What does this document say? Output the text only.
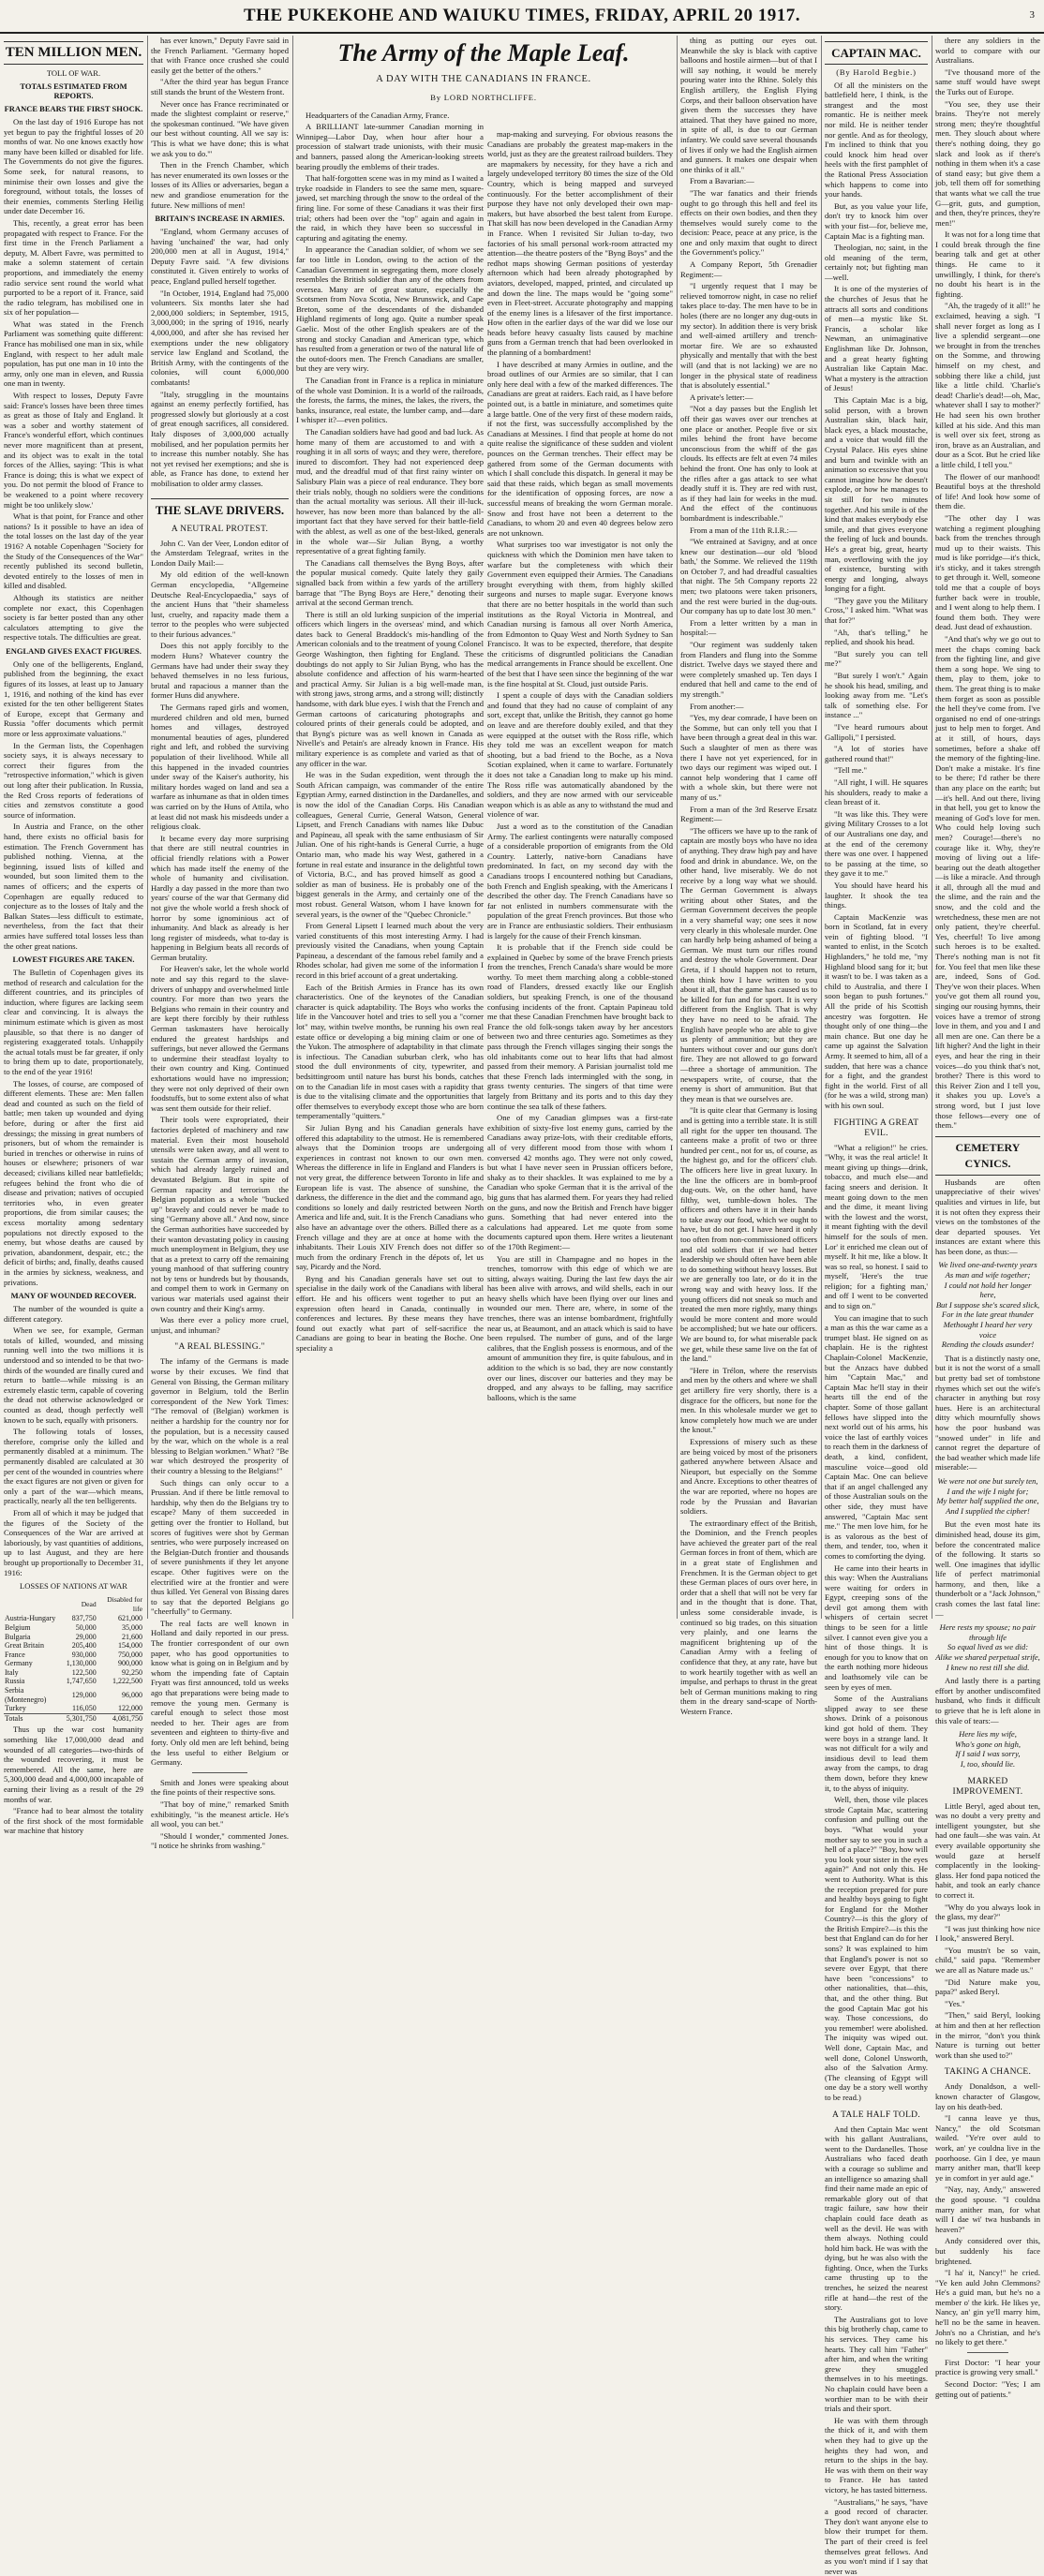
THE PUKEKOHE AND WAIUKU TIMES, FRIDAY, APRIL 20 1917.	3
TEN MILLION MEN.
TOLL OF WAR.
TOTALS ESTIMATED FROM REPORTS.
FRANCE BEARS THE FIRST SHOCK.

On the last day of 1916 Europe has not yet begun to pay the frightful losses of 20 months of war. No one knows exactly how many have been killed or disabled for life. The Governments do not give the figures. Some seek, for natural reasons, to minimise their own losses and give the foreground, without totals, the losses of their enemies, comments Sterling Heilig under date December 16.

This, recently, a great error has been propagated with respect to France. For the first time in the French Parliament a deputy, M. Albert Favre, was permitted to make a solemn statement of certain proportions, and immediately the enemy radio service sent round the world what purported to be a report of it. France, said the radio telegram, has mobilised one in six of her population—

What was stated in the French Parliament was something quite different: France has mobilised one man in six, while England, with respect to her adult male population, has put one man in 10 into the army, only one man in eleven, and Russia one man in twenty.

With respect to losses, Deputy Favre said: France's losses have been three times as great as those of Italy and England. It was a sober and worthy statement of France's wonderful effort, which continues never more magnificent than at present, and its object was to exalt in the total forces of the Allies, saying: 'This is what France is doing; this is what we expect of you. Do not permit the blood of France to be weakened to a point where recovery might be too unlikely slow.'

What is that point, for France and other nations? Is it possible to have an idea of the total losses on the last day of the year 1916? A notable Copenhagen "Society for the Study of the Consequences of the War" recently published its second bulletin, devoted entirely to the losses of men in killed and disabled.

Although its statistics are neither complete nor exact, this Copenhagen society is far better posted than any other calculators attempting to give the respective totals. The difficulties are great.

ENGLAND GIVES EXACT FIGURES.

Only one of the belligerents, England, published from the beginning, the exact figures of its losses, at least up to January 1, 1916, and nothing of the kind has ever existed for the ten other belligerent States of Europe, except that Germany and Russia "offer documents which permit more or less approximate valuations."

In the German lists, the Copenhagen society says, it is always necessary to correct their figures from the "retrospective information," which is given out long after their publication. In Russia, the Red Cross reports of federations of cities and zemstvos constitute a good source of information.

In Austria and France, on the other hand, there exists no official basis for estimation. The French Government has published nothing. Vienna, at the beginning, issued lists of killed and wounded, but soon limited them to the names of officers; and the experts of Copenhagen are equally reduced to conjecture as to the losses of Italy and the Balkan States—less difficult to estimate, nevertheless, from the fact that their armies have suffered total losses less than the other great nations.

LOWEST FIGURES ARE TAKEN.

The Bulletin of Copenhagen gives its method of research and calculation for the different countries, and its principles of induction, where figures are lacking seem clear and convincing. It is always the minimum estimate which is given as most plausible, so that there is no danger of registering exaggerated totals. Unhappily the actual totals must be far greater, if only to bring them up to date, proportionately, to the end of the year 1916!

The losses, of course, are composed of different elements. These are: Men fallen dead and counted as such on the field of battle; men taken up wounded and dying before, during or after the first aid dressings; the missing in great numbers of prisoners, but of whom the remainder is buried in trenches or otherwise in ruins of houses or elsewhere; prisoners of war deceased; civilians killed near battlefields; refugees behind the front who die of disease and privation; natives of occupied territories who, in even greater proportions, die from similar causes; the excess mortality among sedentary populations not directly exposed to the enemy, but whose deaths are caused by privation, abandonment, despair, etc.; the deficit of births; and, finally, deaths caused in the armies by sickness, weakness, and privations.

MANY OF WOUNDED RECOVER.

The number of the wounded is quite a different category.

When we see, for example, German totals of killed, wounded, and missing running well into the two millions it is understood and so intended to be that two-thirds of the wounded are finally cured and return to battle—while missing is an extremely elastic term, capable of covering the dead not otherwise acknowledged or counted as dead, though perfectly well known to be such, equally with prisoners.

The following totals of losses, therefore, comprise only the killed and permanently disabled at a minimum. The permanently disabled are calculated at 30 per cent of the wounded in countries where the exact figures are not given or given for only a part of the war—which means, practically, nearly all the ten belligerents.

From all of which it may be judged that the figures of the Society of the Consequences of the War are arrived at laboriously, by vast quantities of additions, up to last August, and they are here brought up proportionally to December 31, 1916:

LOSSES OF NATIONS AT WAR
	Dead	Disabled for life
Austria-Hungary	837,750	621,000
Belgium	50,000	35,000
Bulgaria	29,000	21,600
Great Britain	205,400	154,000
France	930,000	750,000
Germany	1,130,000	900,000
Italy	122,500	92,250
Russia	1,747,650	1,222,500
Serbia (Montenegro)	129,000	96,000
Turkey	116,050	122,000
Totals	5,301,750	4,081,750

Thus up the war cost humanity something like 17,000,000 dead and wounded of all categories—two-thirds of the wounded recovering, it must be remembered. All the same, here are 5,300,000 dead and 4,000,000 incapable of earning their living as a result of the 29 months of war.

"France had to bear almost the totality of the first shock of the most formidable war machine that history

has ever known," Deputy Favre said in the French Parliament. "Germany hoped that with France once crushed she could easily get the better of the others."

"After the third year has begun France still stands the brunt of the Western front.

Never once has France recriminated or made the slightest complaint or reserve," the spokesman continued. "We have given our best without counting. All we say is: 'This is what we have done; this is what we ask you to do.'"

Then in the French Chamber, which has never enumerated its own losses or the losses of its Allies or adversaries, began a new and grandiose enumeration for the future. New millions of men!

BRITAIN'S INCREASE IN ARMIES.

"England, whom Germany accuses of having 'unchained' the war, had only 200,000 men at all in August, 1914," Deputy Favre said. "A few divisions constituted it. Given entirely to works of peace, England pulled herself together.

"In October, 1914, England had 75,000 volunteers. Six months later she had 2,000,000 soldiers; in September, 1915, 3,000,000; in the spring of 1916, nearly 4,000,000, and after she has revised her exemptions under the new obligatory service law England and Scotland, the British Army, with the contingents of the colonies, will count 6,000,000 combatants!

"Italy, struggling in the mountains against an enemy perfectly fortified, has progressed slowly but gloriously at a cost of great enough sacrifices, all considered. Italy disposes of 3,000,000 actually mobilised, and her population permits her to increase this number notably. She has not yet revised her exemptions; and she is able, as France has done, to extend her mobilisation to older army classes.

THE SLAVE DRIVERS.
A NEUTRAL PROTEST.

John C. Van der Veer, London editor of the Amsterdam Telegraaf, writes in the London Daily Mail:—

My old edition of the well-known German encyclopedia, "Allgemeine Deutsche Real-Encyclopaedia," says of the ancient Huns that "their shameless lust, cruelty, and rapacity made them a terror to the peoples who were subjected to their furious advances."

Does this not apply forcibly to the modern Huns? Whatever country the Germans have had under their sway they behaved themselves in no less furious, brutal and rapacious a manner than the former Huns did anywhere.

The Germans raped girls and women, murdered children and old men, burned homes and villages, destroyed monumental beauties of ages, plundered right and left, and robbed the surviving population of their livelihood. While all this happened in the invaded countries under sway of the Kaiser's authority, his military hordes waged on land and sea a warfare as inhumane as that in olden times was carried on by the Huns of Attila, who at least did not mask his misdeeds under a religious cloak.

It became every day more surprising that there are still neutral countries in official friendly relations with a Power which has made itself the enemy of the whole of humanity and civilisation. Hardly a day passed in the more than two years' course of the war that Germany did not give the whole world a fresh shock of horror by some ignominious act of inhumanity. And black as already is her long register of misdeeds, what to-day is happening in Belgium beats all records of German brutality.

For Heaven's sake, let the whole world note and say this regard to the slave-drivers of unhappy and overwhelmed little country. For more than two years the Belgians who remain in their country and are kept there forcibly by their ruthless German taskmasters have heroically endured the greatest hardships and sufferings, but never allowed the Germans to undermine their steadfast loyalty to their own country and King. Continued exhortations would have no impression; they were not only deprived of their own foodstuffs, but to some extent also of what was sent them outside for their relief.

Their tools were expropriated, their factories depleted of machinery and raw material. Even their most household utensils were taken away, and all went to sustain the German army of invasion, which had already largely ruined and devastated Belgium. But in spite of German rapacity and terrorism the Belgian population as a whole "bucked up" bravely and could never be made to sing "Germany above all." And now, since the German authorities have succeeded by their wanton devastating policy in causing much unemployment in Belgium, they use that as a pretext to carry off the remaining young manhood of that suffering country not by tens or hundreds but by thousands, and compel them to work in Germany on various war materials used against their own country and their King's army.

Was there ever a policy more cruel, unjust, and inhuman?

"A REAL BLESSING."

The infamy of the Germans is made worse by their excuses. We find that General von Bissing, the German military governor in Belgium, told the Berlin correspondent of the New York Times: "The removal of (Belgian) workmen is neither a hardship for the country nor for the population, but is a necessity caused by the war, which on the whole is a real blessing to Belgian workmen." What? "Be war which destroyed the prosperity of their country a blessing to the Belgians!"

Such things can only occur to a Prussian. And if there be little removal to hardship, why then do the Belgians try to escape? Many of them succeeded in getting over the frontier to Holland, but scores of fugitives were shot by German sentries, who were purposely increased on the Belgian-Dutch frontier and thousands of severe punishments if they let anyone escape. Other fugitives were on the electrified wire at the frontier and were thus killed. Yet General von Bissing dares to say that the deported Belgians go "cheerfully" to Germany.

The real facts are well known in Holland and daily reported in our press. The frontier correspondent of our own paper, who has good opportunities to know what is going on in Belgium and by whom the impending fate of Captain Fryatt was first announced, told us weeks ago that preparations were being made to remove the young men. Germany is careful enough to select those most needed to her. Their ages are from seventeen and eighteen to thirty-five and forty. Only old men are left behind, being the less useful to either Belgium or Germany.

Smith and Jones were speaking about the fine points of their respective sons.

"That boy of mine," remarked Smith exhibitingly, "is the meanest article. He's all wool, you can bet."

"Should I wonder," commented Jones. "I notice he shrinks from washing."

The Army of the Maple Leaf.
A DAY WITH THE CANADIANS IN FRANCE.
By LORD NORTHCLIFFE.

Headquarters of the Canadian Army, France.

A BRILLIANT late-summer Canadian morning in Winnipeg—Labor Day, when hour after hour a procession of stalwart trade unionists, with their music and banners, passed along the American-looking streets bearing proudly the emblems of their trades.

That half-forgotten scene was in my mind as I waited a tryke roadside in Flanders to see the same men, square-jawed, set marching through the snow to the ordeal of the firing line. For some of these Canadians it was their first trial; others had been over the "top" again and again in the raid, in which they have been so successful in capturing and agitating the enemy.

In appearance the Canadian soldier, of whom we see far too little in London, owing to the action of the Canadian Government in segregating them, more closely resembles the British soldier than any of the others from oversea. Many are of great stature, especially the Scotsmen from Nova Scotia, New Brunswick, and Cape Breton, some of the descendants of the disbanded Highland regiments of long ago. Quite a number speak Gaelic. Most of the other English speakers are of the strong and stocky Canadian and American type, which has resulted from a generation or two of the natural life of the outof-doors men. The French Canadians are smaller, but they are very wiry.

The Canadian front in France is a replica in miniature of the whole vast Dominion. It is a world of the railroads, the forests, the farms, the mines, the lakes, the rivers, the banks, insurance, real estate, the lumber camp, and—dare I whisper it?—even politics.

The Canadian soldiers have had good and bad luck. As home many of them are accustomed to and with a roughing it in all sorts of ways; and they were, therefore, inured to discomfort. They had not experienced deep mud, and the dreadful mud of that first rainy winter on Salisbury Plain was a piece of real endurance. They bore their trials nobly, though no soldiers were the conditions than the actual mortality was serious. All their ill-luck, however, has now been more than balanced by the all-important fact that they have served for their battle-field with the ablest, as well as one of the best-liked, generals in the whole war—Sir Julian Byng, a worthy representative of a great fighting family.

The Canadians call themselves the Byng Boys, after the popular musical comedy. Quite lately they gaily signalled back from within a few yards of the artillery barrage that "The Byng Boys are Here," denoting their arrival at the second German trench.

There is still an old lurking suspicion of the imperial officers which lingers in the overseas' mind, and which dates back to General Braddock's mis-handling of the American colonials and to the treatment of young Colonel George Washington, then fighting for England. These doubtings do not apply to Sir Julian Byng, who has the absolute confidence and affection of his warm-hearted and practical Army. Sir Julian is a big well-made man, with strong jaws, strong arms, and a strong will; distinctly handsome, with dark blue eyes. I wish that the French and German cartoons of caricaturing photographs and coloured prints of their generals could be adopted, and that Byng's picture was as well known in Canada as Nivelle's and Petain's are already known in France. His military experience is as complete and varied as that of any officer in the war.

He was in the Sudan expedition, went through the South African campaign, was commander of the entire Egyptian Army, earned distinction in the Dardanelles, and is now the idol of the Canadian Corps. His Canadian colleagues, General Currie, General Watson, General Lipsett, and French Canadians with names like Dubuc and Papineau, all speak with the same enthusiasm of Sir Julian. One of his right-hands is General Currie, a huge Ontario man, who made his way West, gathered in a fortune in real estate and insurance in the delightful town of Victoria, B.C., and has proved himself as good a soldier as man of business. He is probably one of the biggest generals in the Army, and certainly one of the most robust. General Watson, whom I have known for several years, is the owner of the "Quebec Chronicle."

From General Lipsett I learned much about the very varied constituents of this most interesting Army. I had previously visited the Canadians, when young Captain Papineau, a descendant of the famous rebel family and a Rhodes scholar, had given me some of the information I record in this brief account of a great undertaking.

Each of the British Armies in France has its own characteristics. One of the keynotes of the Canadian character is quick adaptability. The Boys who works the life in the Vancouver hotel and tries to sell you a "corner lot" may, within twelve months, be running his own real estate office or developing a big mining claim or one of the Yukon. The atmosphere of adaptability in that climate is infectious. The Canadian suburban clerk, who has stood the dull environments of city, typewriter, and bedsittingroom until nature has burst his bonds, catches on to the Canadian life in most cases with a rapidity that is due to the vitalising climate and the opportunities that offer themselves to everybody except those who are born temperamentally "quitters."

Sir Julian Byng and his Canadian generals have offered this adaptability to the utmost. He is remembered always that the Dominion troops are undergoing experiences in contrast not known to our own men. Whereas the difference in life in England and Flanders is not very great, the difference between Toronto in life and European life is vast. The absence of sunshine, the darkness, the difference in the diet and the command ago, conditions so lonely and daily restricted between North America and life and, suit. It is the French Canadians who also have an advantage over the others. Billed there as a French village and they are at once at home with the inhabitants. Their Louis XIV French does not differ so much from the ordinary French in the dépots of, let us say, Picardy and the Nord.

Byng and his Canadian generals have set out to specialise in the daily work of the Canadians with liberal effort. He and his officers went together to put an expression often heard in Canada, continually in conferences and lectures. By these means they have found out exactly what part of self-sacrifice the Canadians are going to bear in beating the Boche. One speciality a

map-making and surveying. For obvious reasons the Canadians are probably the greatest map-makers in the world, just as they are the greatest railroad builders. They are mapmakers by necessity, for they have a rich and largely undeveloped territory 80 times the size of the Old Country, which is being mapped and surveyed continuously. For the better accomplishment of their purpose they have not only developed their own map-makers, but have absorbed the best talent from Europe. That skill has now been developed in the Canadian Army in France. When I revisited Sir Julian to-day, two factories of his small personal work-room attracted my attention—the theatre posters of the "Byng Boys" and the redhot maps showing German positions of yesterday afternoon which had been already photographed by aviators, developed, mapped, printed, and circulated up and down the line. The maps would be "going some" even in Fleet-street. Accurate photography and mapping of the enemy lines is a lifesaver of the first importance. How often in the earlier days of the war did we lose our heads before heavy casualty lists caused by machine guns from a German trench that had been overlooked in the planning of a bombardment!

I have described at many Armies in outline, and the broad outlines of our Armies are so similar, that I can only here deal with a few of the marked differences. The Canadians are great at raiders. Each raid, as I have before pointed out, is a battle in miniature, and sometimes quite a large battle. One of the very first of these modern raids, if not the first, was successfully accomplished by the Canadians at Messines. I find that people at home do not quite realise the significance of these sudden and violent pounces on the German trenches. Their effect may be gathered from some of the German documents with which I shall conclude this dispatch. In general it may be said that these raids, which began as small movements for the identification of opposing forces, are now a successful means of breaking the worn German morale. Snow and frost have not been a deterrent to the Canadians, to whom 20 and even 40 degrees below zero are not unknown.

What surprises too war investigator is not only the quickness with which the Dominion men have taken to warfare but the completeness with which their Government even equipped their Armies. The Canadians brought everything with them, from highly skilled surgeons and nurses to maple sugar. Everyone knows that there are no better hospitals in the world than such institutions as the Royal Victoria in Montreal, and Canadian nursing is famous all over North America, from Edmonton to Quay West and North Sydney to San Francisco. It was to be expected, therefore, that despite the criticisms of disgruntled politicians the Canadian medical arrangements in France should be excellent. One of the best that I have seen since the beginning of the war is the fine hospital at St. Cloud, just outside Paris.

I spent a couple of days with the Canadian soldiers and found that they had no cause of complaint of any sort, except that, unlike the British, they cannot go home on leave and are therefore doubly exiled, and that they were equipped at the outset with the Ross rifle, which they told me was an excellent weapon for match shooting, but a bad friend to the Boche, as a Nova Scotian explained, when it came to warfare. Fortunately it does not take a Canadian long to make up his mind. The Ross rifle was automatically abandoned by the soldiers, and they are now armed with our serviceable weapon which is as able as any to withstand the mud and violence of war.

Just a word as to the constitution of the Canadian Army. The earliest contingents were naturally composed of a considerable proportion of emigrants from the Old Country. Latterly, native-born Canadians have predominated. In fact, on my second day with the Canadians troops I encountered nothing but Canadians, both French and English speaking, with the Americans I described the other day. The French Canadians have so far not enlisted in numbers commensurate with the population of the great French provinces. But those who are in France are enthusiastic soldiers. Their enthusiasm is largely for the cause of their French kinsman.

It is probable that if the French side could be explained in Quebec by some of the brave French priests from the trenches, French Canada's share would be more worthy. To meet them marching along a cobble-stoned road of Flanders, dressed exactly like our English soldiers, but speaking French, is one of the thousand confusing incidents of the front. Captain Papineau told me that these Canadian Frenchmen have brought back to France the old folk-songs taken away by her ancestors between two and three centuries ago. Sometimes as they pass through the French villages singing their songs the old inhabitants come out to hear lifts that had almost passed from their memory. A Parisian journalist told me that these French lads intermingled with the song, in grass twenty centuries. The singers of that time were largely from Brittany and its ports and to this day they continue the sea talk of these fathers.

One of my Canadian glimpses was a first-rate exhibition of sixty-five lost enemy guns, carried by the Canadians away prize-lots, with their creditable efforts, all of very different mood from those with whom I conversed 42 months ago. They were not only cowed, but what I have never seen in Prussian officers before, shaky as to their shackles. It was explained to me by a Canadian who spoke German that it is the arrival of the big guns that has alarmed them. For years they had relied on the guns, and now the British and French have bigger guns. Something that had never entered into the calculations had appeared. Let me quote from some documents captured upon them. Here writes a lieutenant of the 170th Regiment:—

You are still in Champagne and no hopes in the trenches, tomorrow with this edge of which we are sitting, always waiting. During the last few days the air has been alive with arrows, and wild shells, each in our heavy shells which have been flying over our lines and wounded our men. There are, where, in some of the trenches, there was an intense bombardment, frightfully near us, at Beaumont, and an attack which is said to have been repulsed. The number of guns, and of the large calibres, that the English possess is enormous, and of the amount of ammunition they fire, is quite fabulous, and in addition to the which is so bad, they are now constantly over our lines, discover our batteries and they may be dropped, and any always to be falling, may sacrifice balloons, which is the same

thing as putting our eyes out. Meanwhile the sky is black with captive balloons and hostile airmen—but of that I will say nothing, it would be merely pouring water into the Rhine. Solely this English artillery, the English Flying Corps, and their balloon observation have given them the successes they have attained. That they have gained no more, in spite of all, is due to our German infantry. We could save several thousands of lives if only we had the English airmen and gunners. It makes one despair when one thinks of it all."

From a Bavarian:—

"The war fanatics and their friends ought to go through this hell and feel its effects on their own bodies, and then they themselves would surely come to the decision: Peace, peace at any price, is the one and only maxim that ought to direct the Government's policy."

A Company Report, 5th Grenadier Regiment:—

"I urgently request that I may be relieved tomorrow night, in case no relief takes place to-day. The men have to be in holes (there are no longer any dug-outs in my sector). In addition there is very brisk and well-aimed artillery and trench-mortar fire. We are so exhausted physically and mentally that with the best will (and that is not lacking) we are no longer in the physical state of readiness that is absolutely essential."

A private's letter:—

"Not a day passes but the English let off their gas waves over our trenches at one place or another. People five or six miles behind the front have become unconscious from the whiff of the gas clouds. Its effects are felt at even 74 miles behind the front. One has only to look at the rifles after a gas attack to see what deadly stuff it is. They are red with rust, as if they had lain for weeks in the mud. And the effect of the continuous bombardment is indescribable."

From a man of the 11th R.I.R.:—

"We entrained at Savigny, and at once knew our destination—our old 'blood bath,' the Somme. We relieved the 119th on October 7, and had dreadful casualties that night. The 5th Company reports 22 men; two platoons were taken prisoners, and the rest were buried in the dug-outs. Our company has up to date lost 30 men."

From a letter written by a man in hospital:—

"Our regiment was suddenly taken from Flanders and flung into the Somme district. Twelve days we stayed there and were completely smashed up. Ten days I endured that hell and came to the end of my strength."

From another:—

"Yes, my dear comrade, I have been on the Somme, but can only tell you that I have been through a great deal in this war. Such a slaughter of men as there was there I have not yet experienced, for in two days our regiment was wiped out. I cannot help wondering that I came off with a whole skin, but there were not many of us."

From a man of the 3rd Reserve Ersatz Regiment:—

"The officers we have up to the rank of captain are mostly boys who have no idea of anything. They draw high pay and have food and drink in abundance. We, on the other hand, live miserably. We do not receive by a long way what we should. The German Government is always writing about other States, and the German Government deceives the people in a very shameful way; one sees it now very clearly in this wholesale murder. One can hardly help being ashamed of being a German. We must turn our rifles round and destroy the whole Government. Dear Greta, if I should happen not to return, then think how I have written to you about it all, that the game has caused us to be killed for fun and for sport. It is very different from the English. That is why they have no need to be afraid. The English have people who are able to give us plenty of ammunition; but they are hunters without cover and our guns don't fire. They are not allowed to go forward—three a shortage of ammunition. The newspapers write, of course, that the enemy is short of ammunition. But that they mean is that we ourselves are.

"It is quite clear that Germany is losing and is getting into a terrible state. It is still all right for the upper ten thousand. The canteens make a profit of two or three hundred per cent., not for us, of course, as the highest go, and for the officers' club. The officers here live in great luxury. In the line the officers are in bomb-proof dug-outs. We, on the other hand, have filthy, wet, tumble-down holes. The officers and others have it in their hands to take away our food, which we ought to have, but do not get. I have heard it only too often from non-commissioned officers and old soldiers that if we had better leadership we should often have been able to do something without heavy losses. But we are generally too late, or do it in the wrong way and with heavy loss. If the young officers did not sneak so much and treated the men more rightly, many things would be more content and more would be accomplished; but we hate our officers. We are bound to, for what miserable pack we get, while these same live on the fat of the land."

"Here in Trélon, where the reservists and men by the others and where we shall get artillery fire very shortly, there is a disgrace for the officers, but none for the men. In this wholesale murder we get to know completely how much we are under the knout."

Expressions of misery such as these are being voiced by most of the prisoners gathered anywhere between Alsace and Nieuport, but especially on the Somme and Ancre. Exceptions to other theatres of the war are reported, where no hopes are rode by the Prussian and Bavarian soldiers.

The extraordinary effect of the British, the Dominion, and the French peoples have achieved the greater part of the real German forces in front of them, which are in a great state of Englishmen and Frenchmen. It is the German object to get these German places of ours over here, in order that a shell that will not be very far and in the thought that is done. That, unless some considerable invade, is continued so big trades, on this situation very plainly, and one learns the magnificent brightening up of the Canadian Army with a feeling of confidence that they, at any rate, have but to work heartily together with as well an impulse, and perhaps to thrust in the great belt of German munitions making to ring them in the dreary sand-scape of North-Western France.

CAPTAIN MAC.
(By Harold Begbie.)

Of all the ministers on the battlefield here, I think, is the strangest and the most romantic. He is neither meek nor mild. He is neither tender nor gentle. And as for theology, I'm inclined to think that you could knock him head over heels with the first pamphlet of the Rational Press Association which happens to come into your hands.

But, as you value your life, don't try to knock him over with your fist—for, believe me, Captain Mac is a fighting man.

Theologian, no; saint, in the old meaning of the term, certainly not; but fighting man—well.

It is one of the mysteries of the churches of Jesus that he attracts all sorts and conditions of men—a mystic like St. Francis, a scholar like Newman, an unimaginative Englishman like Dr. Johnson, and a great hearty fighting Australian like Captain Mac. What a mystery is the attraction of Jesus!

This Captain Mac is a big, solid person, with a brown Australian skin, black hair, black eyes, a black moustache, and a voice that would fill the Crystal Palace. His eyes shine and burn and twinkle with an animation so excessive that you cannot imagine how he doesn't explode, or how he manages to sit still for two minutes together. And his smile is of the kind that makes everybody else smile, and that gives everyone the feeling of luck and bounds. He's a great big, great, hearty man, overflowing with the joy of existence, bursting with energy and longing, always longing for a fight.

"They gave you the Military Cross," I asked him. "What was that for?"

"Ah, that's telling," he replied, and shook his head.

"But surely you can tell me?"

"But surely I won't." Again he shook his head, smiling, and looking away from me. "Let's talk of something else. For instance ..."

"I've heard rumours about Gallipoli," I persisted.

"A lot of stories have gathered round that!"

"Tell me."

"All right, I will. He squares his shoulders, ready to make a clean breast of it.

"It was like this. They were giving Military Crosses to a lot of our Australians one day, and at the end of the ceremony there was one over. I happened to be passing at the time, so they gave it to me."

You should have heard his laughter. It shook the tea things.

Captain MacKenzie was born in Scotland, fat in every vein of fighting blood. "I wanted to enlist, in the Scotch Highlanders," he told me, "my Highland blood sang for it; but it wasn't to be. I was taken as a child to Australia, and there I soon began to push fortunes." All the pride of his Scottish ancestry was forgotten. He thought only of one thing—the main chance. But one day he came up against the Salvation Army. It seemed to him, all of a sudden, that here was a chance for a fight, and the grandest fight in the world. First of all (for he was a wild, strong man) with his own soul.

FIGHTING A GREAT EVIL.

"What a religion!" he cries. "Why, it was the real article! It meant giving up things—drink, tobacco, and much else—and facing sneers and derision. It meant going down to the men and the dime, it meant living with the lowest and the worst, it meant fighting with the devil himself for the souls of men. Lor' it enriched me clean out of myself. It hit me, like a blow. It was so real, so honest. I said to myself, 'Here's the true religion; for a fighting man,' and off I went to be converted and to sign on."

You can imagine that to such a man as this the war came as a trumpet blast. He signed on as chaplain. He is the rightest Chaplain-Colonel MacKenzie, but the Anzacs have dubbed him "Captain Mac," and Captain Mac he'll stay in their hearts till the end of the chapter. Some of those gallant fellows have slipped into the next world out of his arms, his voice the last of earthly voices to reach them in the darkness of death, a kind, confident, masculine voice—good old Captain Mac. One can believe that if an angel challenged any of those Australian souls on the other side, they must have answered, "Captain Mac sent me." The men love him, for he is as valorous as the best of them, and tender, too, when it comes to comforting the dying.

He came into their hearts in this way: When the Australians were waiting for orders in Egypt, creeping sons of the devil got among them with whispers of certain secret things to be seen for a little silver. I cannot even give you a hint of those things. It is enough for you to know that on the earth nothing more hideous and loathsomely vile can be seen by eyes of men.

Some of the Australians slipped away to see these shows. Drink of a poisonous kind got hold of them. They were boys in a strange land. It was not difficult for a wily and insidious devil to lead them away from the camps, to drag them down, before they knew it, to the abyss of iniquity.

Well, then, those vile places strode Captain Mac, scattering confusion and pulling out the boys. "What would your mother say to see you in such a hell of a place?" "Boy, how will you look your sister in the eyes again?" And not only this. He went to Authority. What is this the reception prepared for pure and healthy boys going to fight for England for the Mother Country?—is this the glory of the British Empire?—is this the best that England can do for her sons? It was explained to him that England's power is not so severe over Egypt, that there have been "concessions" to other nationalities, that—this, that, and the other thing. But the good Captain Mac got his way. Those concessions, do you remember! were abolished. The iniquity was wiped out. Well done, Captain Mac, and well done, Colonel Unsworth, also of the Salvation Army. (The cleansing of Egypt will one day be a story well worthy to be read.)

A TALE HALF TOLD.

And then Captain Mac went with his gallant Australians, went to the Dardanelles. Those Australians who faced death with a courage so sublime and an intelligence so amazing shall find their name made an epic of remarkable glory out of that tragic failure, saw how their chaplain could face death as well as the devil. He was with them always. Nothing could hold him back. He was with the dying, but he was also with the fighting. Once, when the Turks came thrusting up to the trenches, he seized the nearest rifle at hand—the rest of the story.

The Australians got to love this big brotherly chap, came to his services. They came his hearts. They call him "Father" after him, and when the writing grew they smuggled themselves in to his meetings. No chaplain could have been a worthier man to be with their trials and their sport.

He was with them through the thick of it, and with them when they had to give up the heights they had won, and return to the ships in the bay. He was with them on their way to France. He has tasted victory, he has tasted bitterness.

"Australians," he says, "have a good record of character. They don't want anyone else to blow their trumpet for them. The part of their creed is feel themselves great fellows. And as you won't mind if I say that never was

there any soldiers in the world to compare with our Australians.

"I've thousand more of the same stuff would have swept the Turks out of Europe.

"You see, they use their brains. They're not merely strong men; they're thoughtful men. They slouch about where there's nothing doing, they go slack and look as if there's nothing in them when it's a case of stand easy; but give them a job, tell them off for something that wants what we call the true G—grit, guts, and gumption, and then, they're princes, they're men!"

It was not for a long time that I could break through the fine bearing talk and get at other things. He came to it unwillingly, I think, for there's no doubt his heart is in the fighting.

"Ah, the tragedy of it all!" he exclaimed, heaving a sigh. "I shall never forget as long as I live a splendid sergeant—one we brought in from the trenches on the Somme, and throwing himself on my chest, and sobbing there like a child, just like a little child. 'Charlie's dead! Charlie's dead!—oh, Mac, whatever shall I say to mother?' He had seen his own brother killed at his side. And this man is well over six feet, strong as iron, brave as an Australian, and dour as a Scot. But he cried like a little child, I tell you."

The flower of our manhood! Beautiful boys at the threshold of life! And look how some of them die.

"The other day I was watching a regiment ploughing back from the trenches through mud up to their waists. This mud is like porridge—it's thick, it's sticky, and it takes strength to get through it. Well, someone told me that a couple of boys further back were in trouble, and I went along to help them. I found them both. They were dead. Just dead of exhaustion.

"And that's why we go out to meet the chaps coming back from the fighting line, and give them a song hope. We sing to them, play to them, joke to them. The great thing is to make them forget as soon as possible the hell they've come from. I've organised no end of one-strings just to help men to forget. And at it still, of hours, days sometimes, before a shake off the memory of the fighting-line. Don't make a mistake. It's fine to be there; I'd rather be there than any place on the earth; but—it's hell. And out there, living in that hell, you get to know the meaning of God's love for men. Who could help loving such men? Courage!—there's no courage like it. Why, they're moving of living out a life-bearing out the death altogether—is like a miracle. And through it all, through all the mud and the slime, and the rain and the snow, and the cold and the wretchedness, these men are not only patient, they're cheerful. Yes, cheerful! To live among such heroes is to be exalted. There's nothing man is not fit for. You feel that men like these are, indeed, Sons of God. They've won their places. When you've got them all round you, singing our rousing hymns, their voices have a tremor of strong love in them, and you and I and all men are one. Can there be a lift higher? And the light in their eyes, and hear the ring in their voices—do you think that's not, brother? There is this word to this Reiver Zion and I tell you, it shakes you up. Love's a strong word, but I just love those fellows—every one of them."

CEMETERY CYNICS.

Husbands are often unappreciative of their wives' qualities and virtues in life, but it is not often they express their views on the tombstones of the dear departed spouses. Yet instances are extant where this has been done, as thus:—

We lived one-and-twenty years
As man and wife together;
I could not hold her longer here,
But I suppose she's scared slick,
For in the late great thunder
Methought I heard her very voice
Rending the clouds asunder!

That is a distinctly nasty one, but it is not the worst of a small but pretty bad set of tombstone rhymes which set out the wife's character in anything but rosy hues. Here is an architectural ditty which mournfully shows how the poor husband was "snowed under" in life and cannot regret the departure of the bad weather which made life miserable:—

We were not one but surely ten,
I and the wife I night for;
My better half supplied the one,
And I supplied the cipher!

But the even most hate its diminished head, douse its gim, before the concentrated malice of the following. It starts so well. One imagines that idyllic life of perfect matrimonial harmony, and then, like a thunderbolt or a "Jack Johnson," crash comes the last fatal line:—

Here rests my spouse; no pair through life
So equal lived as we did:
Alike we shared perpetual strife,
I knew no rest till she did.

And lastly there is a parting effort by another undiscomfited husband, who finds it difficult to grieve that he is left alone in this vale of tears:—

Here lies my wife,
Who's gone on high,
If I said I was sorry,
I, too, should lie.
MARKED IMPROVEMENT.

Little Beryl, aged about ten, was no doubt a very pretty and intelligent youngster, but she had one fault—she was vain. At every available opportunity she would gaze at herself complacently in the looking-glass. Her fond papa noticed the habit, and took an early chance to correct it.

"Why do you always look in the glass, my dear?"

"I was just thinking how nice I look," answered Beryl.

"You mustn't be so vain, child," said papa. "Remember we are all as Nature made us."

"Did Nature make you, papa?" asked Beryl.

"Yes."

"Then," said Beryl, looking at him and then at her reflection in the mirror, "don't you think Nature is turning out better work than she used to?"

TAKING A CHANCE.

Andy Donaldson, a well-known character of Glasgow, lay on his death-bed.

"I canna leave ye thus, Nancy," the old Scotsman wailed. "Ye're over auld to work, an' ye couldna live in the poorhoose. Gin I dee, ye maun marry anither man, that'll keep ye in comfort in yer auld age."

"Nay, nay, Andy," answered the good spouse. "I couldna marry anither man, for what will I dae wi' twa husbands in heaven?"

Andy considered over this, but suddenly his face brightened.

"I ha' it, Nancy!" he cried. "Ye ken auld John Clemmons? He's a guid man, but he's no a member o' the kirk. He likes ye, Nancy, an' gin ye'll marry him, he'll no be the same in heaven. John's no a Christian, and he's no likely to get there."

First Doctor: "I hear your practice is growing very small."

Second Doctor: "Yes; I am getting out of patients."
